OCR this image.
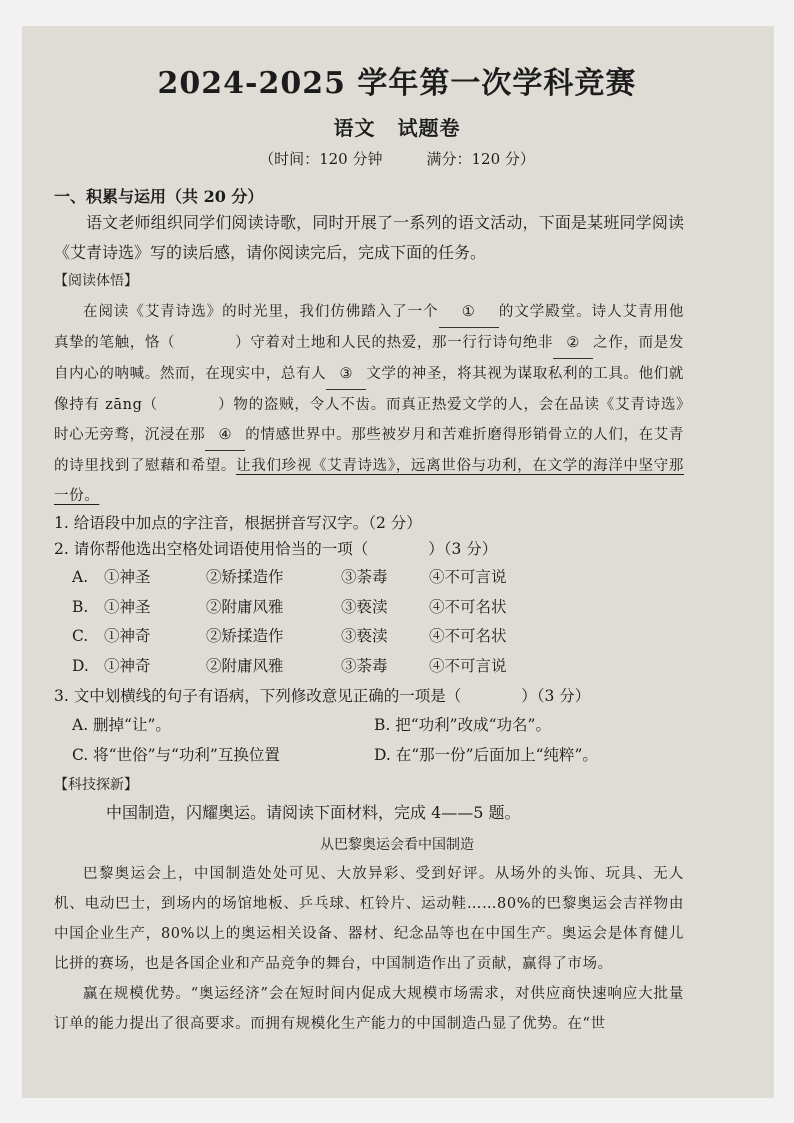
2024-2025 学年第一次学科竞赛
语文 试题卷
（时间：120 分钟	满分：120 分）
一、积累与运用（共 20 分）
语文老师组织同学们阅读诗歌，同时开展了一系列的语文活动，下面是某班同学阅读《艾青诗选》写的读后感，请你阅读完后，完成下面的任务。
【阅读体悟】
在阅读《艾青诗选》的时光里，我们仿佛踏入了一个 ① 的文学殿堂。诗人艾青用他真挚的笔触，恪（	）守着对土地和人民的热爱，那一行行诗句绝非 ② 之作，而是发自内心的呐喊。然而，在现实中，总有人 ③ 文学的神圣，将其视为谋取私利的工具。他们就像持有 zāng（	）物的盗贼，令人不齿。而真正热爱文学的人，会在品读《艾青诗选》时心无旁骛，沉浸在那 ④ 的情感世界中。那些被岁月和苦难折磨得形销骨立的人们，在艾青的诗里找到了慰藉和希望。让我们珍视《艾青诗选》，远离世俗与功利，在文学的海洋中坚守那一份。
1. 给语段中加点的字注音，根据拼音写汉字。（2 分）
2. 请你帮他选出空格处词语使用恰当的一项（	）（3 分）
A. ①神圣	②矫揉造作	③荼毒	④不可言说
B. ①神圣	②附庸风雅	③亵渎	④不可名状
C. ①神奇	②矫揉造作	③亵渎	④不可名状
D. ①神奇	②附庸风雅	③荼毒	④不可言说
3. 文中划横线的句子有语病，下列修改意见正确的一项是（	）（3 分）
A. 删掉“让”。	B. 把“功利”改成“功名”。
C. 将“世俗”与“功利”互换位置	D. 在“那一份”后面加上“纯粹”。
【科技探新】
中国制造，闪耀奥运。请阅读下面材料，完成 4——5 题。
从巴黎奥运会看中国制造

巴黎奥运会上，中国制造处处可见、大放异彩、受到好评。从场外的头饰、玩具、无人机、电动巴士，到场内的场馆地板、乒乓球、杠铃片、运动鞋……80%的巴黎奥运会吉祥物由中国企业生产，80%以上的奥运相关设备、器材、纪念品等也在中国生产。奥运会是体育健儿比拼的赛场，也是各国企业和产品竞争的舞台，中国制造作出了贡献，赢得了市场。

赢在规模优势。“奥运经济”会在短时间内促成大规模市场需求，对供应商快速响应大批量订单的能力提出了很高要求。而拥有规模化生产能力的中国制造凸显了优势。在“世
